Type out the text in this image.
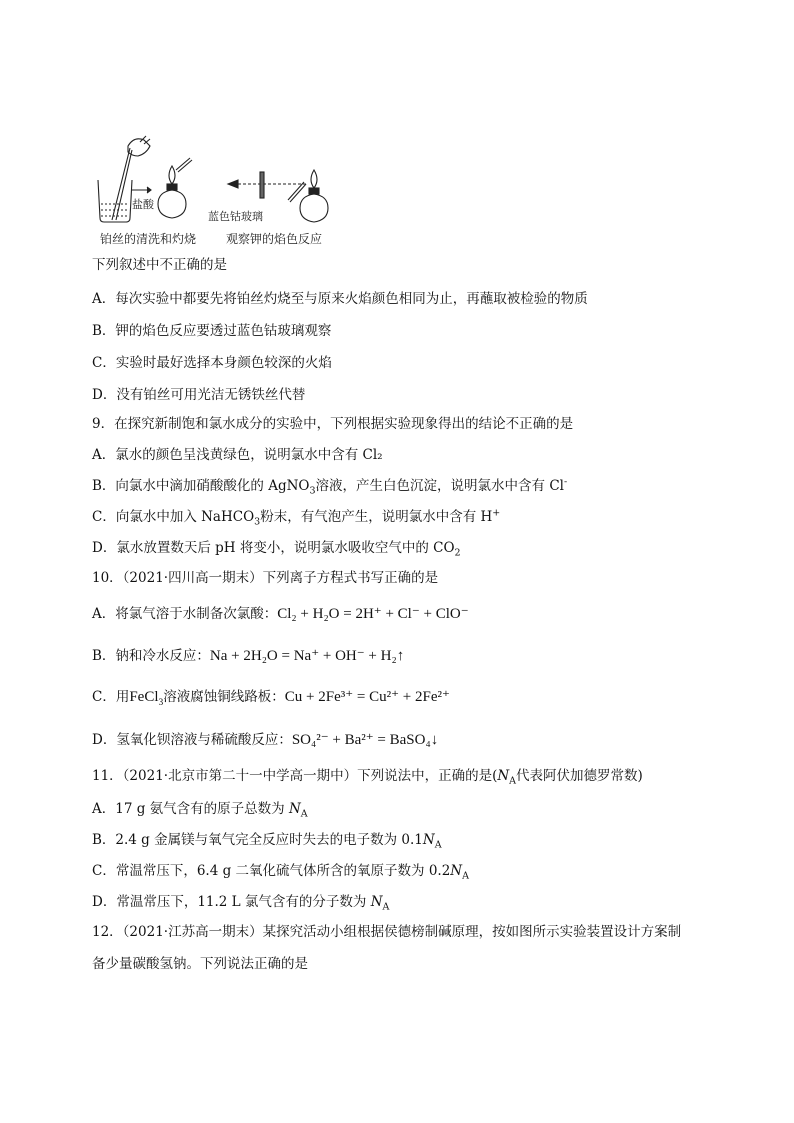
盐酸
蓝色钴玻璃
铂丝的清洗和灼烧 观察钾的焰色反应
下列叙述中不正确的是
A．每次实验中都要先将铂丝灼烧至与原来火焰颜色相同为止，再蘸取被检验的物质
B．钾的焰色反应要透过蓝色钴玻璃观察
C．实验时最好选择本身颜色较深的火焰
D．没有铂丝可用光洁无锈铁丝代替
9．在探究新制饱和氯水成分的实验中，下列根据实验现象得出的结论不正确的是
A．氯水的颜色呈浅黄绿色，说明氯水中含有 Cl₂
B．向氯水中滴加硝酸酸化的 AgNO$_3$溶液，产生白色沉淀，说明氯水中含有 Cl-
C．向氯水中加入 NaHCO$_3$粉末，有气泡产生，说明氯水中含有 H+
D．氯水放置数天后 pH 将变小，说明氯水吸收空气中的 $CO_2$
10．（2021·四川高一期末）下列离子方程式书写正确的是
A．将氯气溶于水制备次氯酸：Cl₂ + H₂O = 2H⁺ + Cl⁻ + ClO⁻
B．钠和冷水反应：Na + 2H₂O = Na⁺ + OH⁻ + H₂↑
C．用FeCl$_3$溶液腐蚀铜线路板：Cu + 2Fe³⁺ = Cu²⁺ + 2Fe²⁺
D．氢氧化钡溶液与稀硫酸反应：SO₄²⁻ + Ba²⁺ = BaSO₄↓
11．（2021·北京市第二十一中学高一期中）下列说法中，正确的是($N_A$代表阿伏加德罗常数)
A．17 g 氨气含有的原子总数为 $N_A$
B．2.4 g 金属镁与氧气完全反应时失去的电子数为 $0.1N_A$
C．常温常压下，6.4 g 二氧化硫气体所含的氧原子数为 $0.2N_A$
D．常温常压下，11.2 L 氯气含有的分子数为 $N_A$
12．（2021·江苏高一期末）某探究活动小组根据侯德榜制碱原理，按如图所示实验装置设计方案制
备少量碳酸氢钠。下列说法正确的是
